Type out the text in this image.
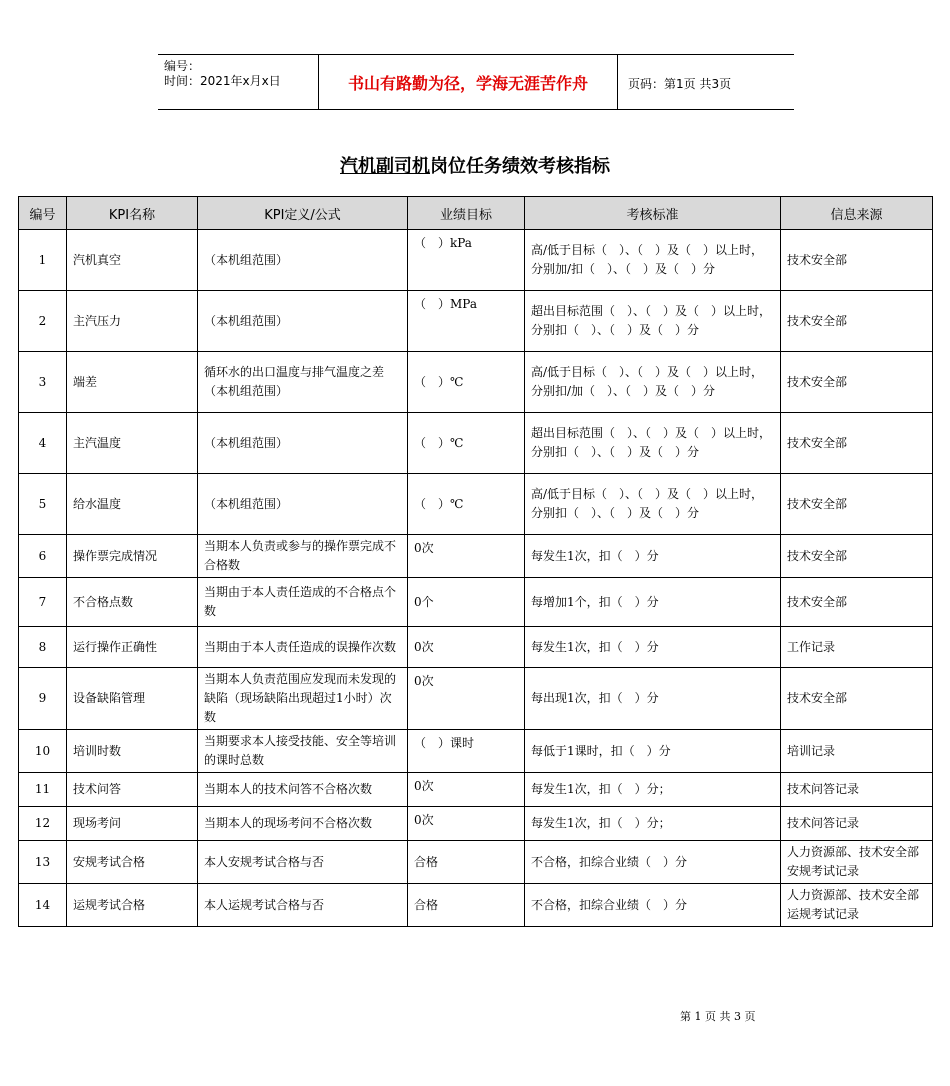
编号：
时间：2021年x月x日	书山有路勤为径，学海无涯苦作舟	页码：第1页 共3页
汽机副司机岗位任务绩效考核指标
编号	KPI名称	KPI定义/公式	业绩目标	考核标准	信息来源
1	汽机真空	（本机组范围）	（　）kPa	高/低于目标（　）、（　）及（　）以上时，分别加/扣（　）、（　）及（　）分	技术安全部
2	主汽压力	（本机组范围）	（　）MPa	超出目标范围（　）、（　）及（　）以上时，分别扣（　）、（　）及（　）分	技术安全部
3	端差	循环水的出口温度与排气温度之差（本机组范围）	（　）℃	高/低于目标（　）、（　）及（　）以上时，分别扣/加（　）、（　）及（　）分	技术安全部
4	主汽温度	（本机组范围）	（　）℃	超出目标范围（　）、（　）及（　）以上时，分别扣（　）、（　）及（　）分	技术安全部
5	给水温度	（本机组范围）	（　）℃	高/低于目标（　）、（　）及（　）以上时，分别扣（　）、（　）及（　）分	技术安全部
6	操作票完成情况	当期本人负责或参与的操作票完成不合格数	0次	每发生1次，扣（　）分	技术安全部
7	不合格点数	当期由于本人责任造成的不合格点个数	0个	每增加1个，扣（　）分	技术安全部
8	运行操作正确性	当期由于本人责任造成的误操作次数	0次	每发生1次，扣（　）分	工作记录
9	设备缺陷管理	当期本人负责范围应发现而未发现的缺陷（现场缺陷出现超过1小时）次数	0次	每出现1次，扣（　）分	技术安全部
10	培训时数	当期要求本人接受技能、安全等培训的课时总数	（　）课时	每低于1课时，扣（　）分	培训记录
11	技术问答	当期本人的技术问答不合格次数	0次	每发生1次，扣（　）分；	技术问答记录
12	现场考问	当期本人的现场考问不合格次数	0次	每发生1次，扣（　）分；	技术问答记录
13	安规考试合格	本人安规考试合格与否	合格	不合格，扣综合业绩（　）分	人力资源部、技术安全部安规考试记录
14	运规考试合格	本人运规考试合格与否	合格	不合格，扣综合业绩（　）分	人力资源部、技术安全部运规考试记录
第 1 页 共 3 页
